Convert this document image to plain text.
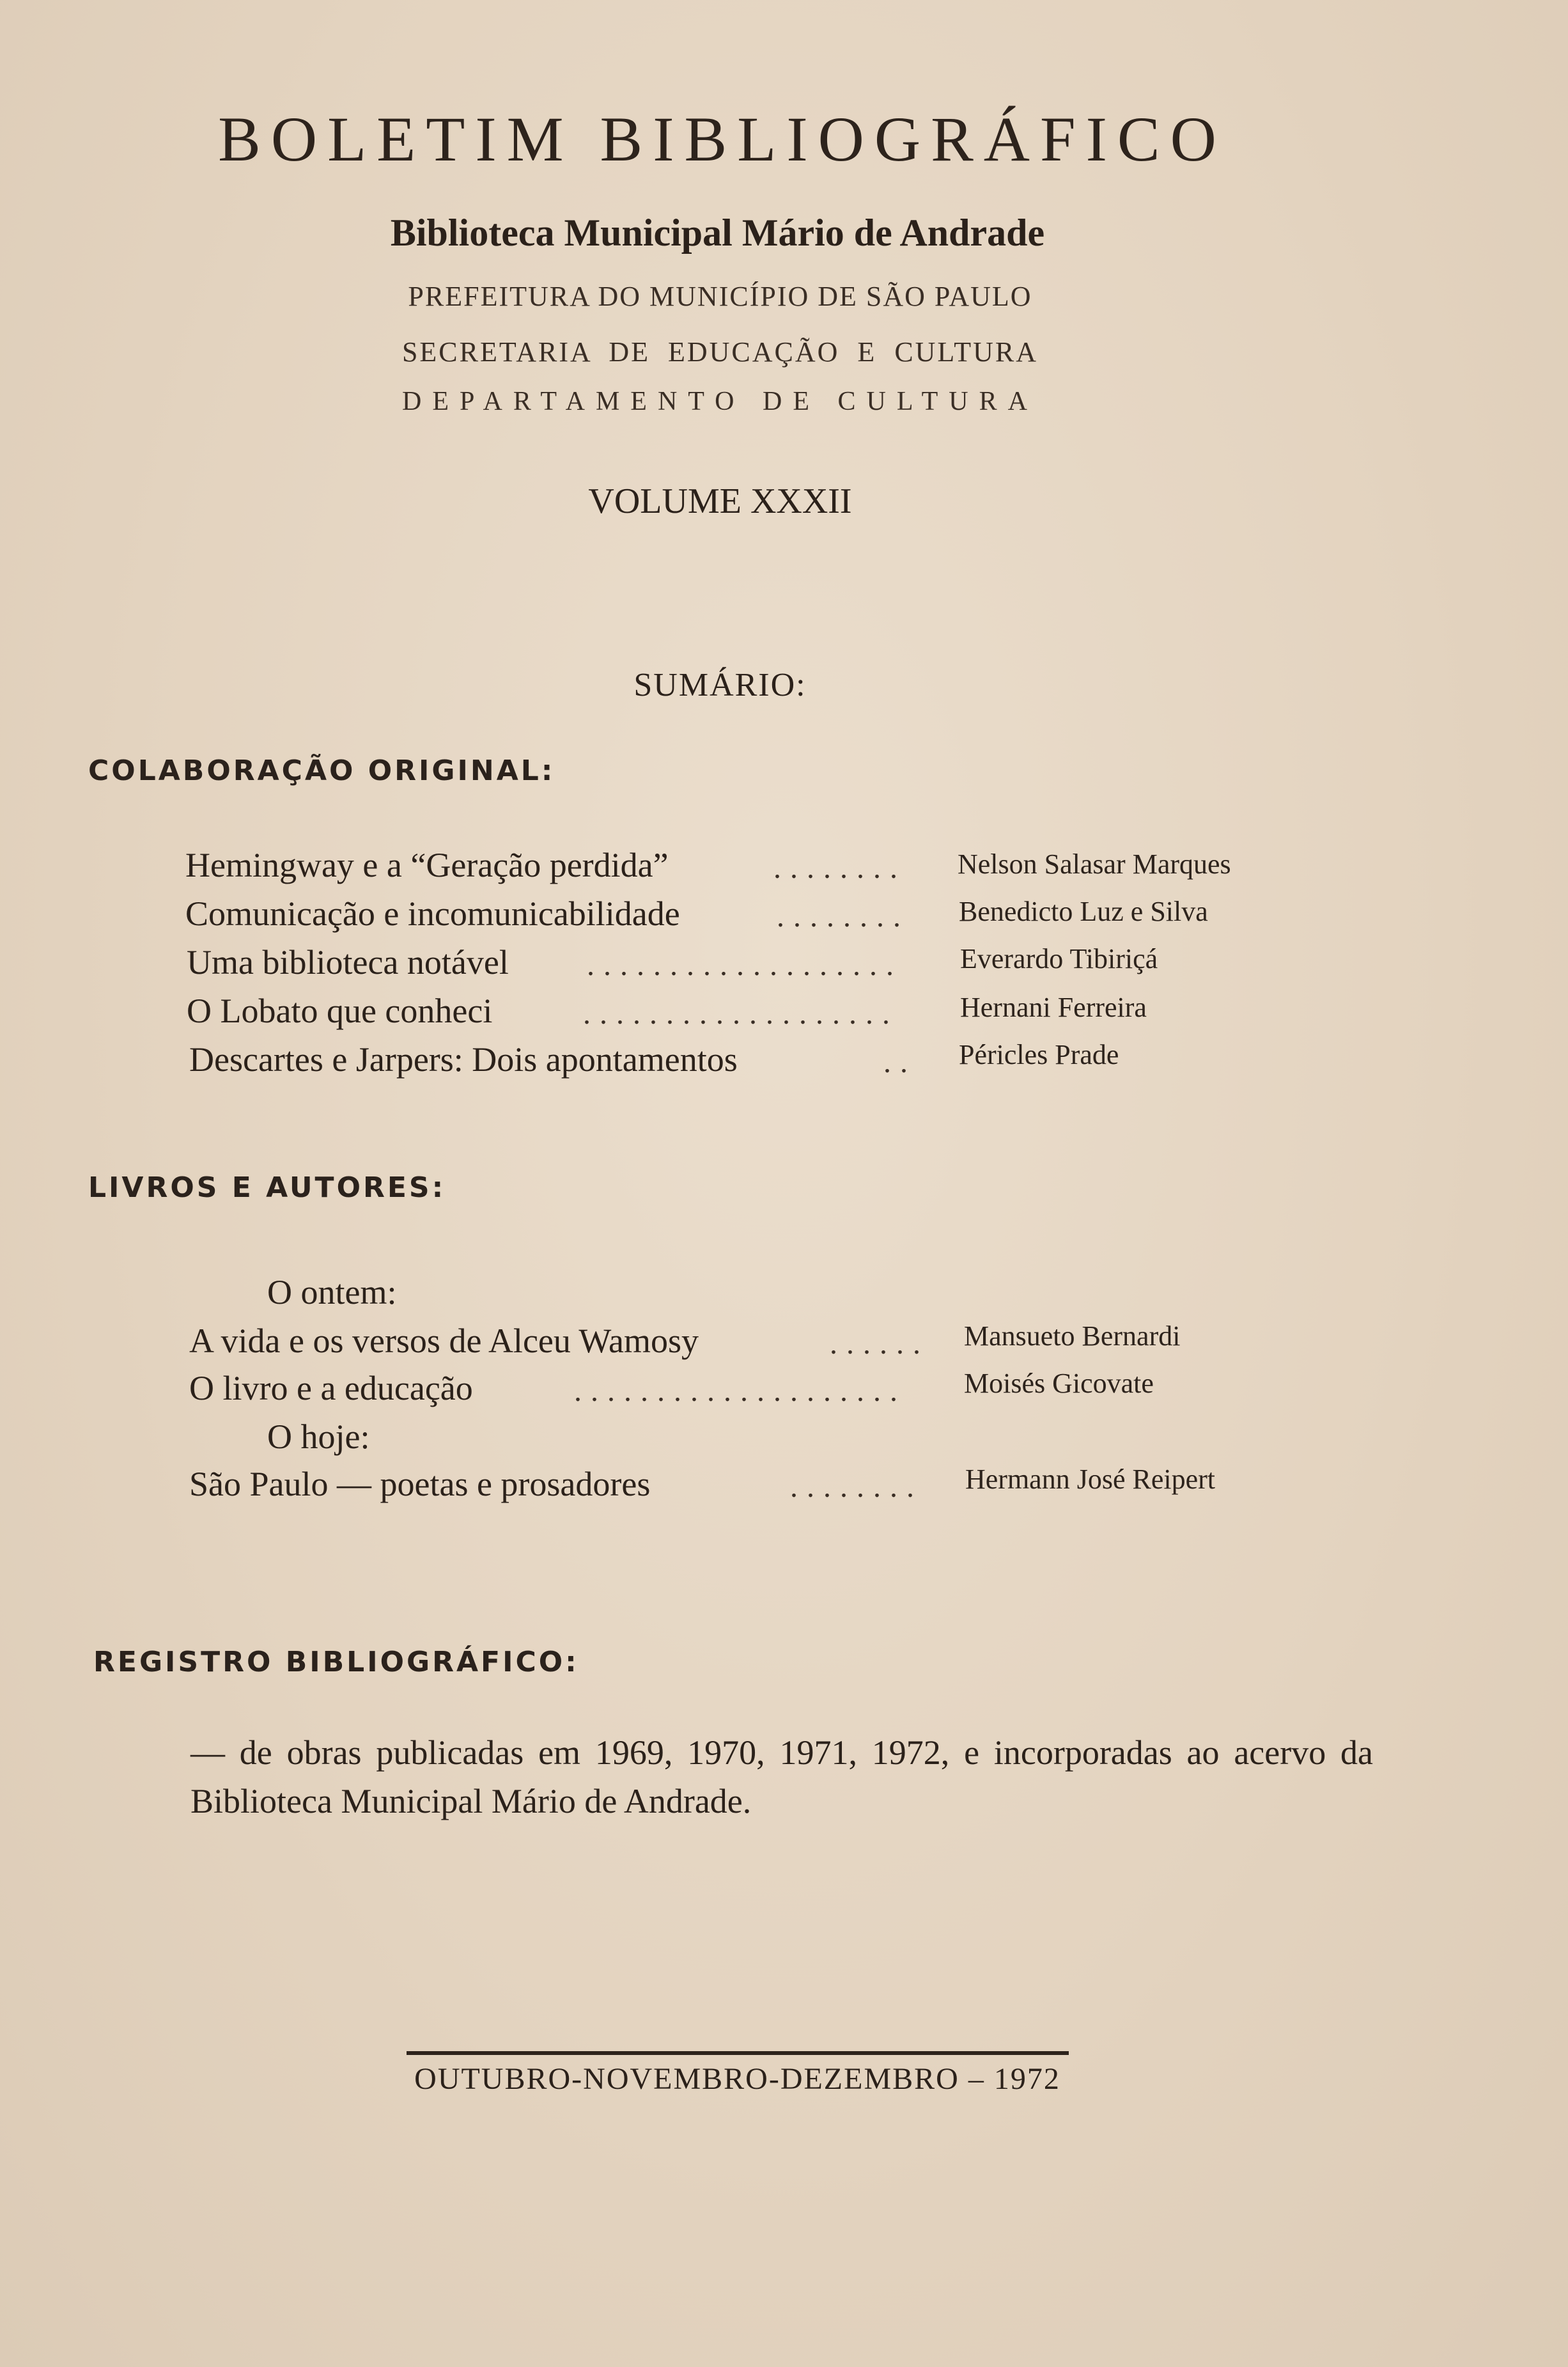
BOLETIM BIBLIOGRÁFICO
Biblioteca Municipal Mário de Andrade
PREFEITURA DO MUNICÍPIO DE SÃO PAULO
SECRETARIA DE EDUCAÇÃO E CULTURA
DEPARTAMENTO DE CULTURA
VOLUME XXXII
SUMÁRIO:
COLABORAÇÃO ORIGINAL:
Hemingway e a “Geração perdida”	........ Nelson Salasar Marques
Comunicação e incomunicabilidade	........ Benedicto Luz e Silva
Uma biblioteca notável	................... Everardo Tibiriçá
O Lobato que conheci	................... Hernani Ferreira
Descartes e Jarpers: Dois apontamentos	.. Péricles Prade
LIVROS E AUTORES:
O ontem:
A vida e os versos de Alceu Wamosy	...... Mansueto Bernardi
O livro e a educação	.................... Moisés Gicovate
O hoje:
São Paulo — poetas e prosadores	........ Hermann José Reipert
REGISTRO BIBLIOGRÁFICO:
— de obras publicadas em 1969, 1970, 1971, 1972, e incorporadas ao acervo da Biblioteca Municipal Mário de Andrade.
OUTUBRO-NOVEMBRO-DEZEMBRO – 1972
